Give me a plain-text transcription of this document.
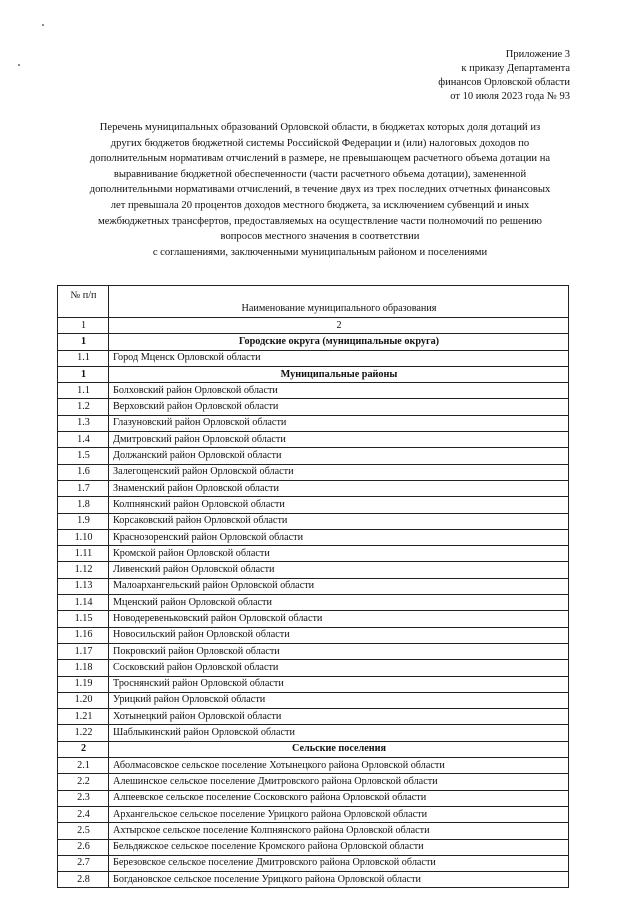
Приложение 3
к приказу Департамента
финансов Орловской области
от 10 июля 2023 года № 93
Перечень муниципальных образований Орловской области, в бюджетах которых доля дотаций из
других бюджетов бюджетной системы Российской Федерации и (или) налоговых доходов по
дополнительным нормативам отчислений в размере, не превышающем расчетного объема дотации на
выравнивание бюджетной обеспеченности (части расчетного объема дотации), замененной
дополнительными нормативами отчислений, в течение двух из трех последних отчетных финансовых
лет превышала 20 процентов доходов местного бюджета, за исключением субвенций и иных
межбюджетных трансфертов, предоставляемых на осуществление части полномочий по решению
вопросов местного значения в соответствии
с соглашениями, заключенными муниципальным районом и поселениями
№ п/п	Наименование муниципального образования
1	2
1	Городские округа (муниципальные округа)
1.1	Город Мценск Орловской области
1	Муниципальные районы
1.1	Болховский район Орловской области
1.2	Верховский район Орловской области
1.3	Глазуновский район Орловской области
1.4	Дмитровский район Орловской области
1.5	Должанский район Орловской области
1.6	Залегощенский район Орловской области
1.7	Знаменский район Орловской области
1.8	Колпнянский район Орловской области
1.9	Корсаковский район Орловской области
1.10	Краснозоренский район Орловской области
1.11	Кромской район Орловской области
1.12	Ливенский район Орловской области
1.13	Малоархангельский район Орловской области
1.14	Мценский район Орловской области
1.15	Новодеревеньковский район Орловской области
1.16	Новосильский район Орловской области
1.17	Покровский район Орловской области
1.18	Сосковский район Орловской области
1.19	Троснянский район Орловской области
1.20	Урицкий район Орловской области
1.21	Хотынецкий район Орловской области
1.22	Шаблыкинский район Орловской области
2	Сельские поселения
2.1	Аболмасовское сельское поселение Хотынецкого района Орловской области
2.2	Алешинское сельское поселение Дмитровского района Орловской области
2.3	Алпеевское сельское поселение Сосковского района Орловской области
2.4	Архангельское сельское поселение Урицкого района Орловской области
2.5	Ахтырское сельское поселение Колпнянского района Орловской области
2.6	Бельдяжское сельское поселение Кромского района Орловской области
2.7	Березовское сельское поселение Дмитровского района Орловской области
2.8	Богдановское сельское поселение Урицкого района Орловской области
